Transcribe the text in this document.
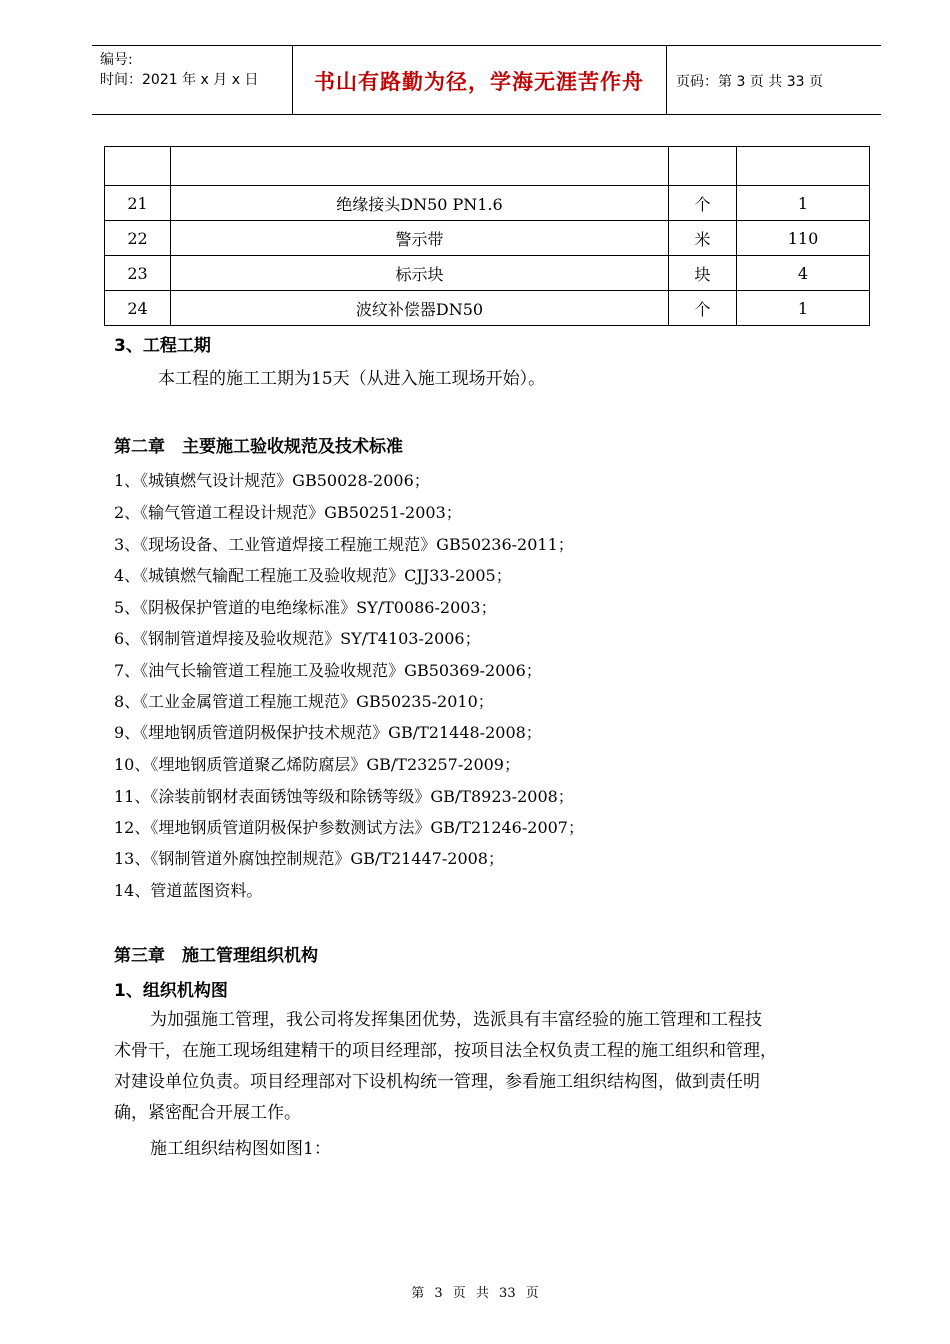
编号:
时间：2021 年 x 月 x 日	书山有路勤为径，学海无涯苦作舟	页码：第 3 页 共 33 页

21	绝缘接头DN50 PN1.6	个	1
22	警示带	米	110
23	标示块	块	4
24	波纹补偿器DN50	个	1
3、工程工期
本工程的施工工期为15天（从进入施工现场开始）。
第二章　主要施工验收规范及技术标准
1、《城镇燃气设计规范》GB50028-2006；
2、《输气管道工程设计规范》GB50251-2003；
3、《现场设备、工业管道焊接工程施工规范》GB50236-2011；
4、《城镇燃气输配工程施工及验收规范》CJJ33-2005；
5、《阴极保护管道的电绝缘标准》SY/T0086-2003；
6、《钢制管道焊接及验收规范》SY/T4103-2006；
7、《油气长输管道工程施工及验收规范》GB50369-2006；
8、《工业金属管道工程施工规范》GB50235-2010；
9、《埋地钢质管道阴极保护技术规范》GB/T21448-2008；
10、《埋地钢质管道聚乙烯防腐层》GB/T23257-2009；
11、《涂装前钢材表面锈蚀等级和除锈等级》GB/T8923-2008；
12、《埋地钢质管道阴极保护参数测试方法》GB/T21246-2007；
13、《钢制管道外腐蚀控制规范》GB/T21447-2008；
14、管道蓝图资料。
第三章　施工管理组织机构
1、组织机构图
为加强施工管理，我公司将发挥集团优势，选派具有丰富经验的施工管理和工程技
术骨干，在施工现场组建精干的项目经理部，按项目法全权负责工程的施工组织和管理，
对建设单位负责。项目经理部对下设机构统一管理，参看施工组织结构图，做到责任明
确，紧密配合开展工作。
施工组织结构图如图1：
第 3 页 共 33 页
